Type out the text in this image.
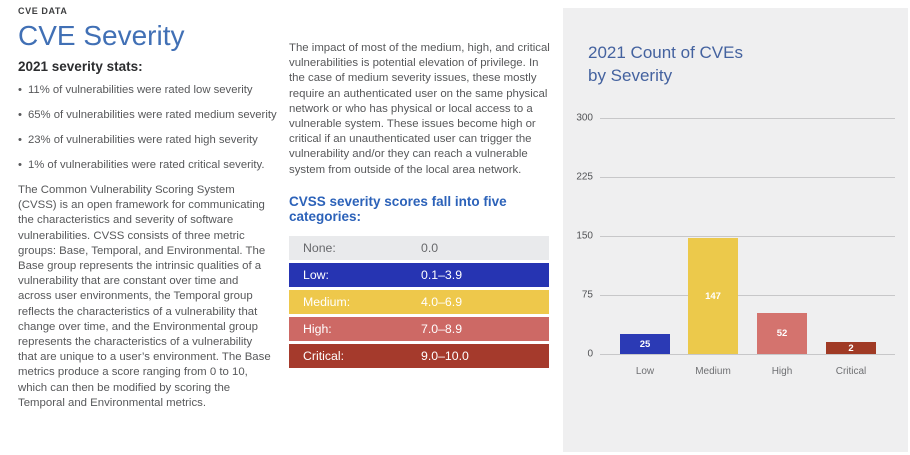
CVE DATA
CVE Severity
2021 severity stats:
• 11% of vulnerabilities were rated low severity
• 65% of vulnerabilities were rated medium severity
• 23% of vulnerabilities were rated high severity
• 1% of vulnerabilities were rated critical severity.
The Common Vulnerability Scoring System (CVSS) is an open framework for communicating the characteristics and severity of software vulnerabilities. CVSS consists of three metric groups: Base, Temporal, and Environmental. The Base group represents the intrinsic qualities of a vulnerability that are constant over time and across user environments, the Temporal group reflects the characteristics of a vulnerability that change over time, and the Environmental group represents the characteristics of a vulnerability that are unique to a user’s environment. The Base metrics produce a score ranging from 0 to 10, which can then be modified by scoring the Temporal and Environmental metrics.
The impact of most of the medium, high, and critical vulnerabilities is potential elevation of privilege. In the case of medium severity issues, these mostly require an authenticated user on the same physical network or who has physical or local access to a vulnerable system. These issues become high or critical if an unauthenticated user can trigger the vulnerability and/or they can reach a vulnerable system from outside of the local area network.
CVSS severity scores fall into five categories:
None:	0.0
Low:	0.1–3.9
Medium:	4.0–6.9
High:	7.0–8.9
Critical:	9.0–10.0
300
225
150
75
0
25
Low
147
Medium
52
High
2
Critical
2021 Count of CVEs
by Severity
